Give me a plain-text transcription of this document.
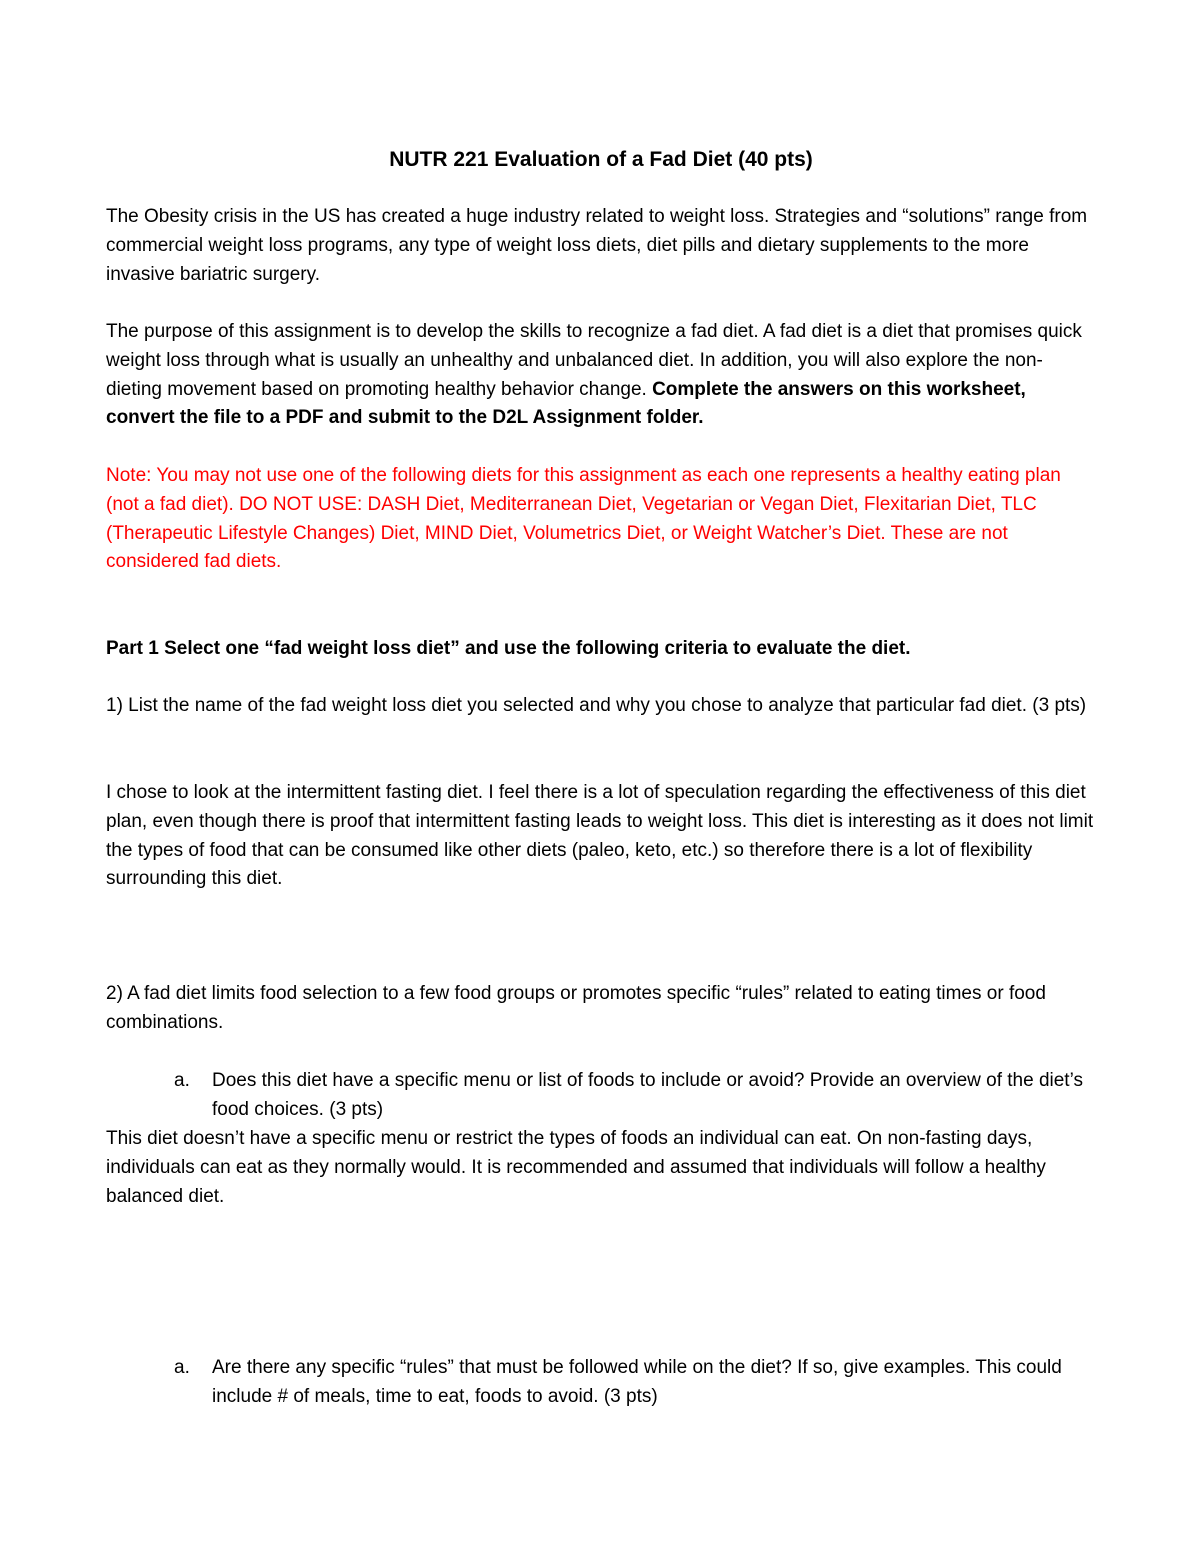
NUTR 221 Evaluation of a Fad Diet (40 pts)

The Obesity crisis in the US has created a huge industry related to weight loss. Strategies and “solutions” range from commercial weight loss programs, any type of weight loss diets, diet pills and dietary supplements to the more invasive bariatric surgery.

The purpose of this assignment is to develop the skills to recognize a fad diet. A fad diet is a diet that promises quick weight loss through what is usually an unhealthy and unbalanced diet. In addition, you will also explore the non-dieting movement based on promoting healthy behavior change. Complete the answers on this worksheet, convert the file to a PDF and submit to the D2L Assignment folder.

Note: You may not use one of the following diets for this assignment as each one represents a healthy eating plan (not a fad diet). DO NOT USE: DASH Diet, Mediterranean Diet, Vegetarian or Vegan Diet, Flexitarian Diet, TLC (Therapeutic Lifestyle Changes) Diet, MIND Diet, Volumetrics Diet, or Weight Watcher’s Diet. These are not considered fad diets.

Part 1 Select one “fad weight loss diet” and use the following criteria to evaluate the diet.

1) List the name of the fad weight loss diet you selected and why you chose to analyze that particular fad diet. (3 pts)

I chose to look at the intermittent fasting diet. I feel there is a lot of speculation regarding the effectiveness of this diet plan, even though there is proof that intermittent fasting leads to weight loss. This diet is interesting as it does not limit the types of food that can be consumed like other diets (paleo, keto, etc.) so therefore there is a lot of flexibility surrounding this diet.

2) A fad diet limits food selection to a few food groups or promotes specific “rules” related to eating times or food combinations.

a.	Does this diet have a specific menu or list of foods to include or avoid? Provide an overview of the diet’s food choices. (3 pts)

This diet doesn’t have a specific menu or restrict the types of foods an individual can eat. On non-fasting days, individuals can eat as they normally would. It is recommended and assumed that individuals will follow a healthy balanced diet.

a.	Are there any specific “rules” that must be followed while on the diet? If so, give examples. This could include # of meals, time to eat, foods to avoid. (3 pts)
